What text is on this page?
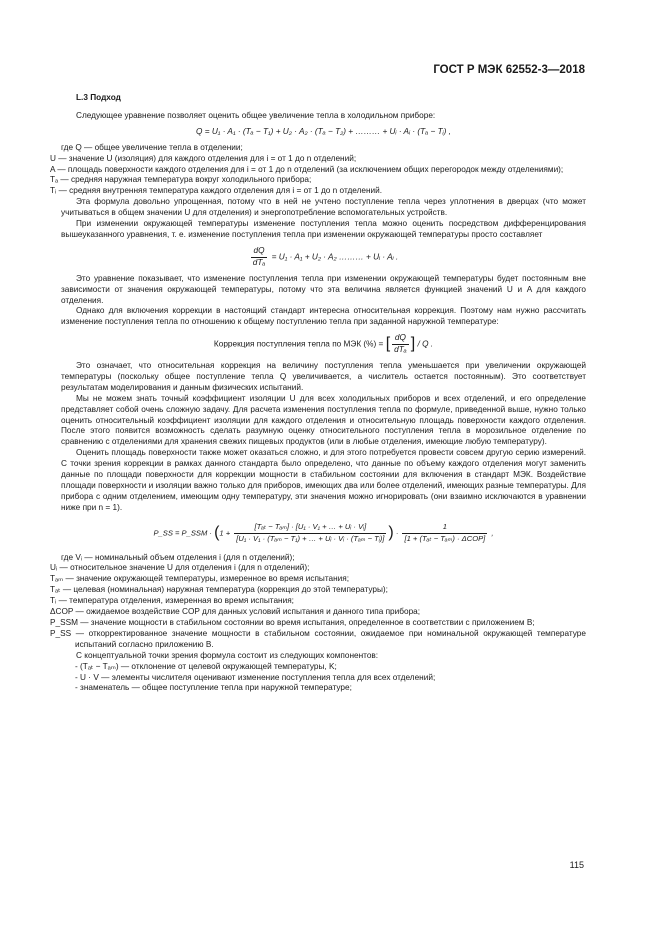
ГОСТ Р МЭК 62552-3—2018
L.3 Подход

Следующее уравнение позволяет оценить общее увеличение тепла в холодильном приборе:

Q = U₁ · A₁ · (Tₐ − T₁) + U₂ · A₂ · (Tₐ − T₂) + ……… + Uᵢ · Aᵢ · (Tₐ − Tᵢ) ,

где Q — общее увеличение тепла в отделении;

U — значение U (изоляция) для каждого отделения для i = от 1 до n отделений;

A — площадь поверхности каждого отделения для i = от 1 до n отделений (за исключением общих перегородок между отделениями);

Tₐ — средняя наружная температура вокруг холодильного прибора;

Tᵢ — средняя внутренняя температура каждого отделения для i = от 1 до n отделений.

Эта формула довольно упрощенная, потому что в ней не учтено поступление тепла через уплотнения в дверцах (что может учитываться в общем значении U для отделения) и энергопотребление вспомогательных устройств.

При изменении окружающей температуры изменение поступления тепла можно оценить посредством дифференцирования вышеуказанного уравнения, т. е. изменение поступления тепла при изменении окружающей температуры просто составляет

dQ
dTₐ
= U₁ · A₁ + U₂ · A₂ ……… + Uᵢ · Aᵢ .

Это уравнение показывает, что изменение поступления тепла при изменении окружающей температуры будет постоянным вне зависимости от значения окружающей температуры, потому что эта величина является функцией значений U и A для каждого отделения.

Однако для включения коррекции в настоящий стандарт интересна относительная коррекция. Поэтому нам нужно рассчитать изменение поступления тепла по отношению к общему поступлению тепла при заданной наружной температуре:

Коррекция поступления тепла по МЭК (%) = [ dQ
dTₐ ] / Q .

Это означает, что относительная коррекция на величину поступления тепла уменьшается при увеличении окружающей температуры (поскольку общее поступление тепла Q увеличивается, а числитель остается постоянным). Это соответствует результатам моделирования и данным физических испытаний.

Мы не можем знать точный коэффициент изоляции U для всех холодильных приборов и всех отделений, и его определение представляет собой очень сложную задачу. Для расчета изменения поступления тепла по формуле, приведенной выше, нужно только оценить относительный коэффициент изоляции для каждого отделения и относительную площадь поверхности каждого отделения. После этого появится возможность сделать разумную оценку относительного поступления тепла в морозильное отделение по сравнению с отделениями для хранения свежих пищевых продуктов (или в любые отделения, имеющие любую температуру).

Оценить площадь поверхности также может оказаться сложно, и для этого потребуется провести совсем другую серию измерений. С точки зрения коррекции в рамках данного стандарта было определено, что данные по объему каждого отделения могут заменить данные по площади поверхности для коррекции мощности в стабильном состоянии для включения в стандарт МЭК. Воздействие площади поверхности и изоляции важно только для приборов, имеющих два или более отделений, имеющих разные температуры. Для прибора с одним отделением, имеющим одну температуру, эти значения можно игнорировать (они взаимно исключаются в уравнении ниже при n = 1).

P_SS = P_SSM · (1 +
[Tₐₜ − Tₐₘ] · [U₁ · V₁ + … + Uᵢ · Vᵢ]
[U₁ · V₁ · (Tₐₘ − T₁) + … + Uᵢ · Vᵢ · (Tₐₘ − Tᵢ)] ) ·
1
[1 + (Tₐₜ − Tₐₘ) · ΔCOP]
,

где Vᵢ — номинальный объем отделения i (для n отделений);

Uᵢ — относительное значение U для отделения i (для n отделений);

Tₐₘ — значение окружающей температуры, измеренное во время испытания;

Tₐₜ — целевая (номинальная) наружная температура (коррекция до этой температуры);

Tᵢ — температура отделения, измеренная во время испытания;

ΔCOP — ожидаемое воздействие COP для данных условий испытания и данного типа прибора;

P_SSM — значение мощности в стабильном состоянии во время испытания, определенное в соответствии с приложением B;

P_SS — откорректированное значение мощности в стабильном состоянии, ожидаемое при номинальной окружающей температуре испытаний согласно приложению B.

С концептуальной точки зрения формула состоит из следующих компонентов:

- (Tₐₜ − Tₐₘ) — отклонение от целевой окружающей температуры, K;

- U · V — элементы числителя оценивают изменение поступления тепла для всех отделений;

- знаменатель — общее поступление тепла при наружной температуре;

115
